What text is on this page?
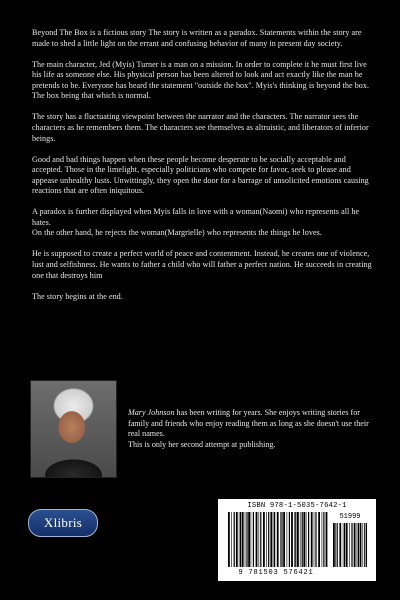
Beyond The Box is a fictious story The story is written as a paradox. Statements within the story are made to shed a little light on the errant and confusing behavior of many in present day society.

The main character, Jed (Myis) Turner is a man on a mission. In order to complete it he must first live his life as someone else. His physical person has been altered to look and act exactly like the man he pretends to be. Everyone has heard the statement "outside the box". Myis's thinking is beyond the box. The box being that which is normal.

The story has a fluctuating viewpoint between the narrator and the characters. The narrator sees the characters as he remembers them. The characters see themselves as altruistic, and liberators of inferior beings.

Good and bad things happen when these people become desperate to be socially acceptable and accepted. Those in the limelight, especially politicians who compete for favor, seek to please and appease unhealthy lusts. Unwittingly, they open the door for a barrage of unsolicited emotions causing reactions that are often iniquitous.

A paradox is further displayed when Myis falls in love with a woman(Naomi) who represents all he hates.

On the other hand, he rejects the woman(Margrielle) who represents the things he loves.

He is supposed to create a perfect world of peace and contentment. Instead, he creates one of violence, lust and selfishness. He wants to father a child who will father a perfect nation. He succeeds in creating one that destroys him

The story begins at the end.

Mary Johnson has been writing for years. She enjoys writing stories for family and friends who enjoy reading them as long as she doesn't use their real names.
This is only her second attempt at publishing.
Xlibris
ISBN 978-1-5035-7642-1
51999
9 781503 576421
